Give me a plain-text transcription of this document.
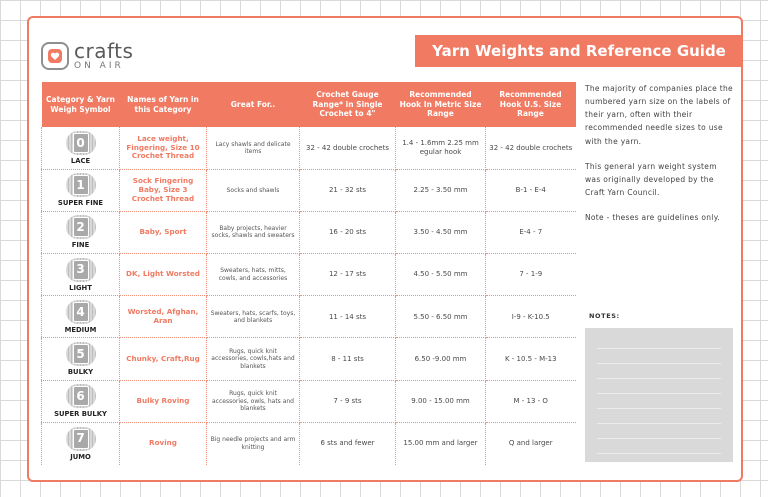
crafts
ON AIR
Yarn Weights and Reference Guide
Category & Yarn Weigh Symbol	Names of Yarn in this Category	Great For..	Crochet Gauge Range* in Single Crochet to 4"	Recommended Hook In Metric Size Range	Recommended Hook U.S. Size Range

0
LACE	Lace weight, Fingering, Size 10 Crochet Thread	Lacy shawls and delicate items	32 - 42 double crochets	1.4 - 1.6mm 2.25 mm egular hook	32 - 42 double crochets

1
SUPER FINE	Sock Fingering Baby, Size 3 Crochet Thread	Socks and shawls	21 - 32 sts	2.25 - 3.50 mm	B-1 - E-4

2
FINE	Baby, Sport	Baby projects, heavier socks, shawls and sweaters	16 - 20 sts	3.50 - 4.50 mm	E-4 - 7

3
LIGHT	DK, Light Worsted	Sweaters, hats, mitts, cowls, and accessories	12 - 17 sts	4.50 - 5.50 mm	7 - 1-9

4
MEDIUM	Worsted, Afghan, Aran	Sweaters, hats, scarfs, toys, and blankets	11 - 14 sts	5.50 - 6.50 mm	I-9 - K-10.5

5
BULKY	Chunky, Craft,Rug	Rugs, quick knit accessories, cowls,hats and blankets	8 - 11 sts	6.50 -9.00 mm	K - 10.5 - M-13

6
SUPER BULKY	Bulky Roving	Rugs, quick knit accessories, owls, hats and blankets	7 - 9 sts	9.00 - 15.00 mm	M - 13 - O

7
JUMO	Roving	Big needle projects and arm knitting	6 sts and fewer	15.00 mm and larger	Q and larger

The majority of companies place the numbered yarn size on the labels of their yarn, often with their recommended needle sizes to use with the yarn.

This general yarn weight system was originally developed by the Craft Yarn Council.

Note - theses are guidelines only.

NOTES:
